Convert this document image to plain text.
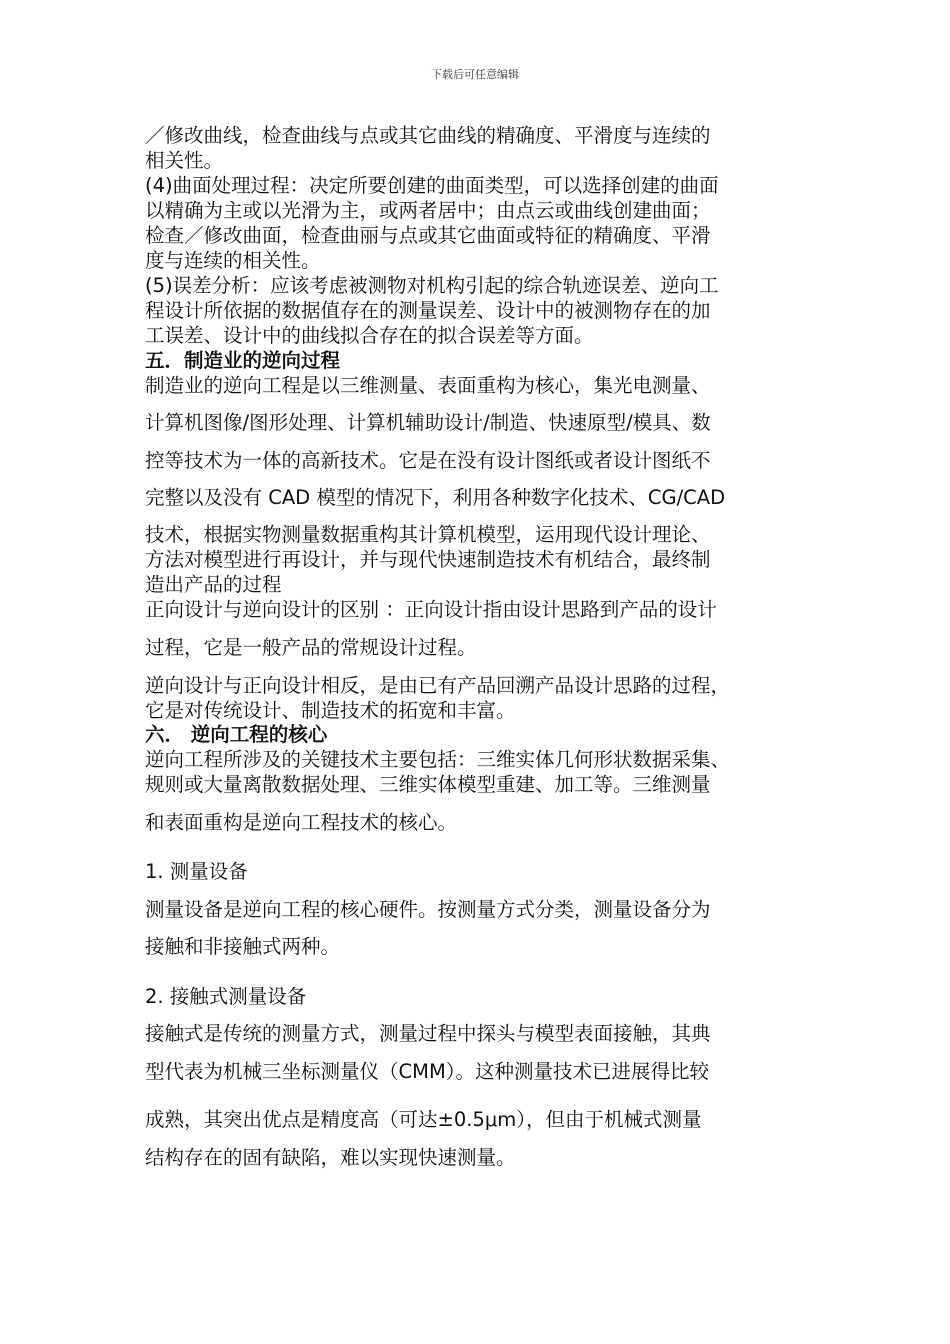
下载后可任意编辑
／修改曲线，检查曲线与点或其它曲线的精确度、平滑度与连续的
相关性。
(4)曲面处理过程：决定所要创建的曲面类型，可以选择创建的曲面
以精确为主或以光滑为主，或两者居中；由点云或曲线创建曲面；
检查／修改曲面，检查曲丽与点或其它曲面或特征的精确度、平滑
度与连续的相关性。
(5)误差分析：应该考虑被测物对机构引起的综合轨迹误差、逆向工
程设计所依据的数据值存在的测量误差、设计中的被测物存在的加
工误差、设计中的曲线拟合存在的拟合误差等方面。
五．制造业的逆向过程
制造业的逆向工程是以三维测量、表面重构为核心，集光电测量、
计算机图像/图形处理、计算机辅助设计/制造、快速原型/模具、数
控等技术为一体的高新技术。它是在没有设计图纸或者设计图纸不
完整以及没有 CAD 模型的情况下，利用各种数字化技术、CG/CAD
技术，根据实物测量数据重构其计算机模型，运用现代设计理论、
方法对模型进行再设计，并与现代快速制造技术有机结合，最终制
造出产品的过程
正向设计与逆向设计的区别 ：正向设计指由设计思路到产品的设计
过程，它是一般产品的常规设计过程。
逆向设计与正向设计相反，是由已有产品回溯产品设计思路的过程，
它是对传统设计、制造技术的拓宽和丰富。
六． 逆向工程的核心
逆向工程所涉及的关键技术主要包括：三维实体几何形状数据采集、
规则或大量离散数据处理、三维实体模型重建、加工等。三维测量
和表面重构是逆向工程技术的核心。
1. 测量设备
测量设备是逆向工程的核心硬件。按测量方式分类，测量设备分为
接触和非接触式两种。
2. 接触式测量设备
接触式是传统的测量方式，测量过程中探头与模型表面接触，其典
型代表为机械三坐标测量仪（CMM）。这种测量技术已进展得比较
成熟，其突出优点是精度高（可达±0.5μm），但由于机械式测量
结构存在的固有缺陷，难以实现快速测量。
